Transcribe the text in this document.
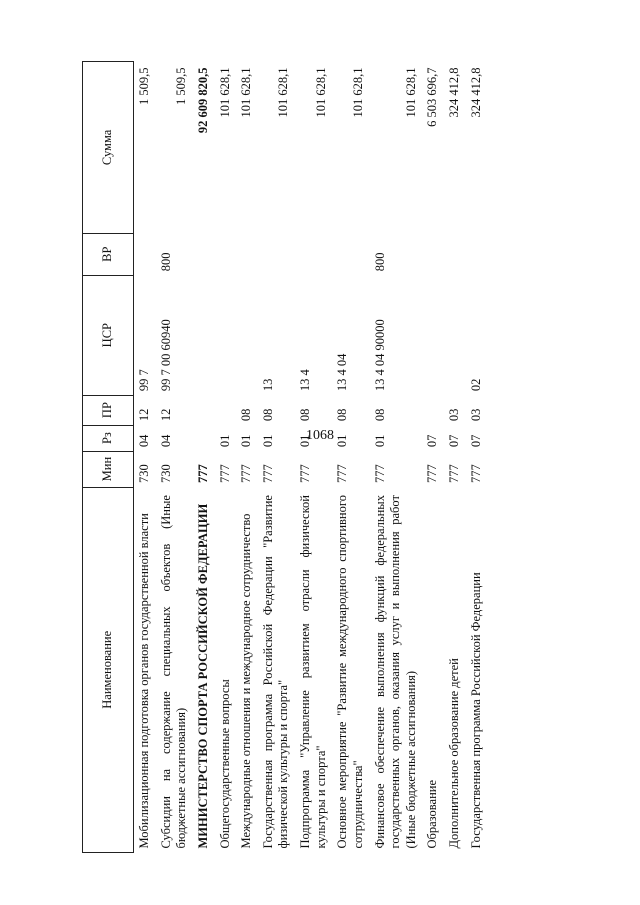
1068
Наименование	Мин	Рз	ПР	ЦСР	ВР	Сумма
Мобилизационная подготовка органов государственной власти	730	04	12	99 7		1 509,5
Субсидии на содержание специальных объектов (Иные бюджетные ассигнования)	730	04	12	99 7 00 60940	800	1 509,5
МИНИСТЕРСТВО СПОРТА РОССИЙСКОЙ ФЕДЕРАЦИИ	777					92 609 820,5
Общегосударственные вопросы	777	01				101 628,1
Международные отношения и международное сотрудничество	777	01	08			101 628,1
Государственная программа Российской Федерации "Развитие физической культуры и спорта"	777	01	08	13		101 628,1
Подпрограмма "Управление развитием отрасли физической культуры и спорта"	777	01	08	13 4		101 628,1
Основное мероприятие "Развитие международного спортивного сотрудничества"	777	01	08	13 4 04		101 628,1
Финансовое обеспечение выполнения функций федеральных государственных органов, оказания услуг и выполнения работ (Иные бюджетные ассигнования)	777	01	08	13 4 04 90000	800	101 628,1
Образование	777	07				6 503 696,7
Дополнительное образование детей	777	07	03			324 412,8
Государственная программа Российской Федерации	777	07	03	02		324 412,8
